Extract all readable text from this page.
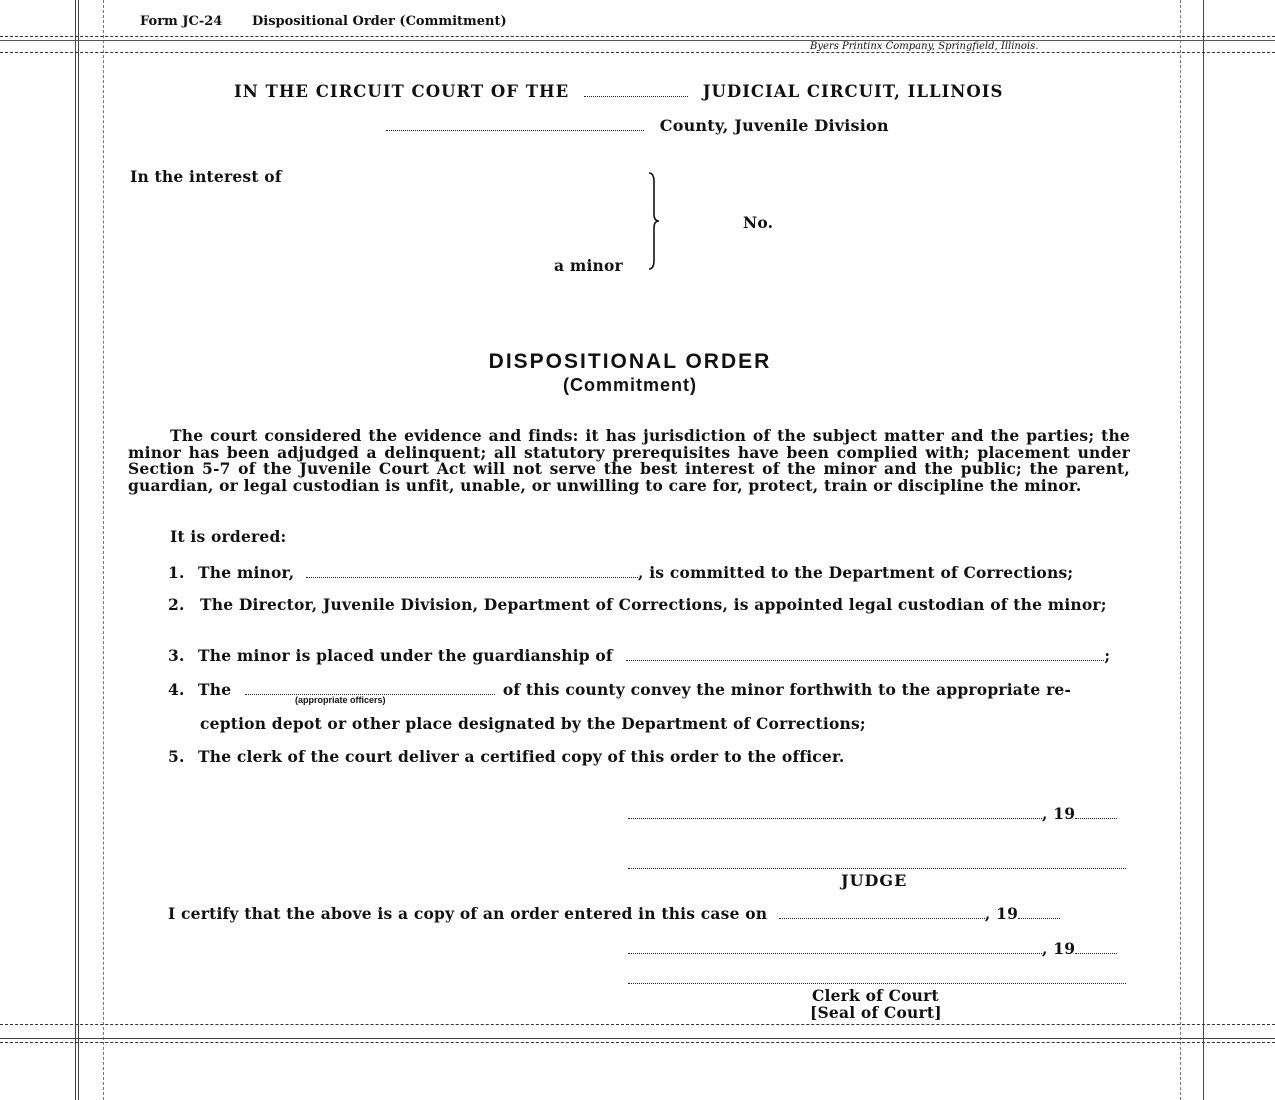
Form JC-24 Dispositional Order (Commitment)
Byers Printinx Company, Springfield, Illinois.
IN THE CIRCUIT COURT OF THE	JUDICIAL CIRCUIT, ILLINOIS
County, Juvenile Division
In the interest of
a minor
No.
DISPOSITIONAL ORDER
(Commitment)
The court considered the evidence and finds: it has jurisdiction of the subject matter and the parties; the minor has been adjudged a delinquent; all statutory prerequisites have been complied with; placement under Section 5-7 of the Juvenile Court Act will not serve the best interest of the minor and the public; the parent, guardian, or legal custodian is unfit, unable, or unwilling to care for, protect, train or discipline the minor.
It is ordered:
1. The minor,	, is committed to the Department of Corrections;
2. The Director, Juvenile Division, Department of Corrections, is appointed legal custodian of the minor;
3. The minor is placed under the guardianship of	;
4. The	of this county convey the minor forthwith to the appropriate re-
(appropriate officers)
ception depot or other place designated by the Department of Corrections;
5. The clerk of the court deliver a certified copy of this order to the officer.
, 19
JUDGE
I certify that the above is a copy of an order entered in this case on	, 19
, 19
Clerk of Court
[Seal of Court]
